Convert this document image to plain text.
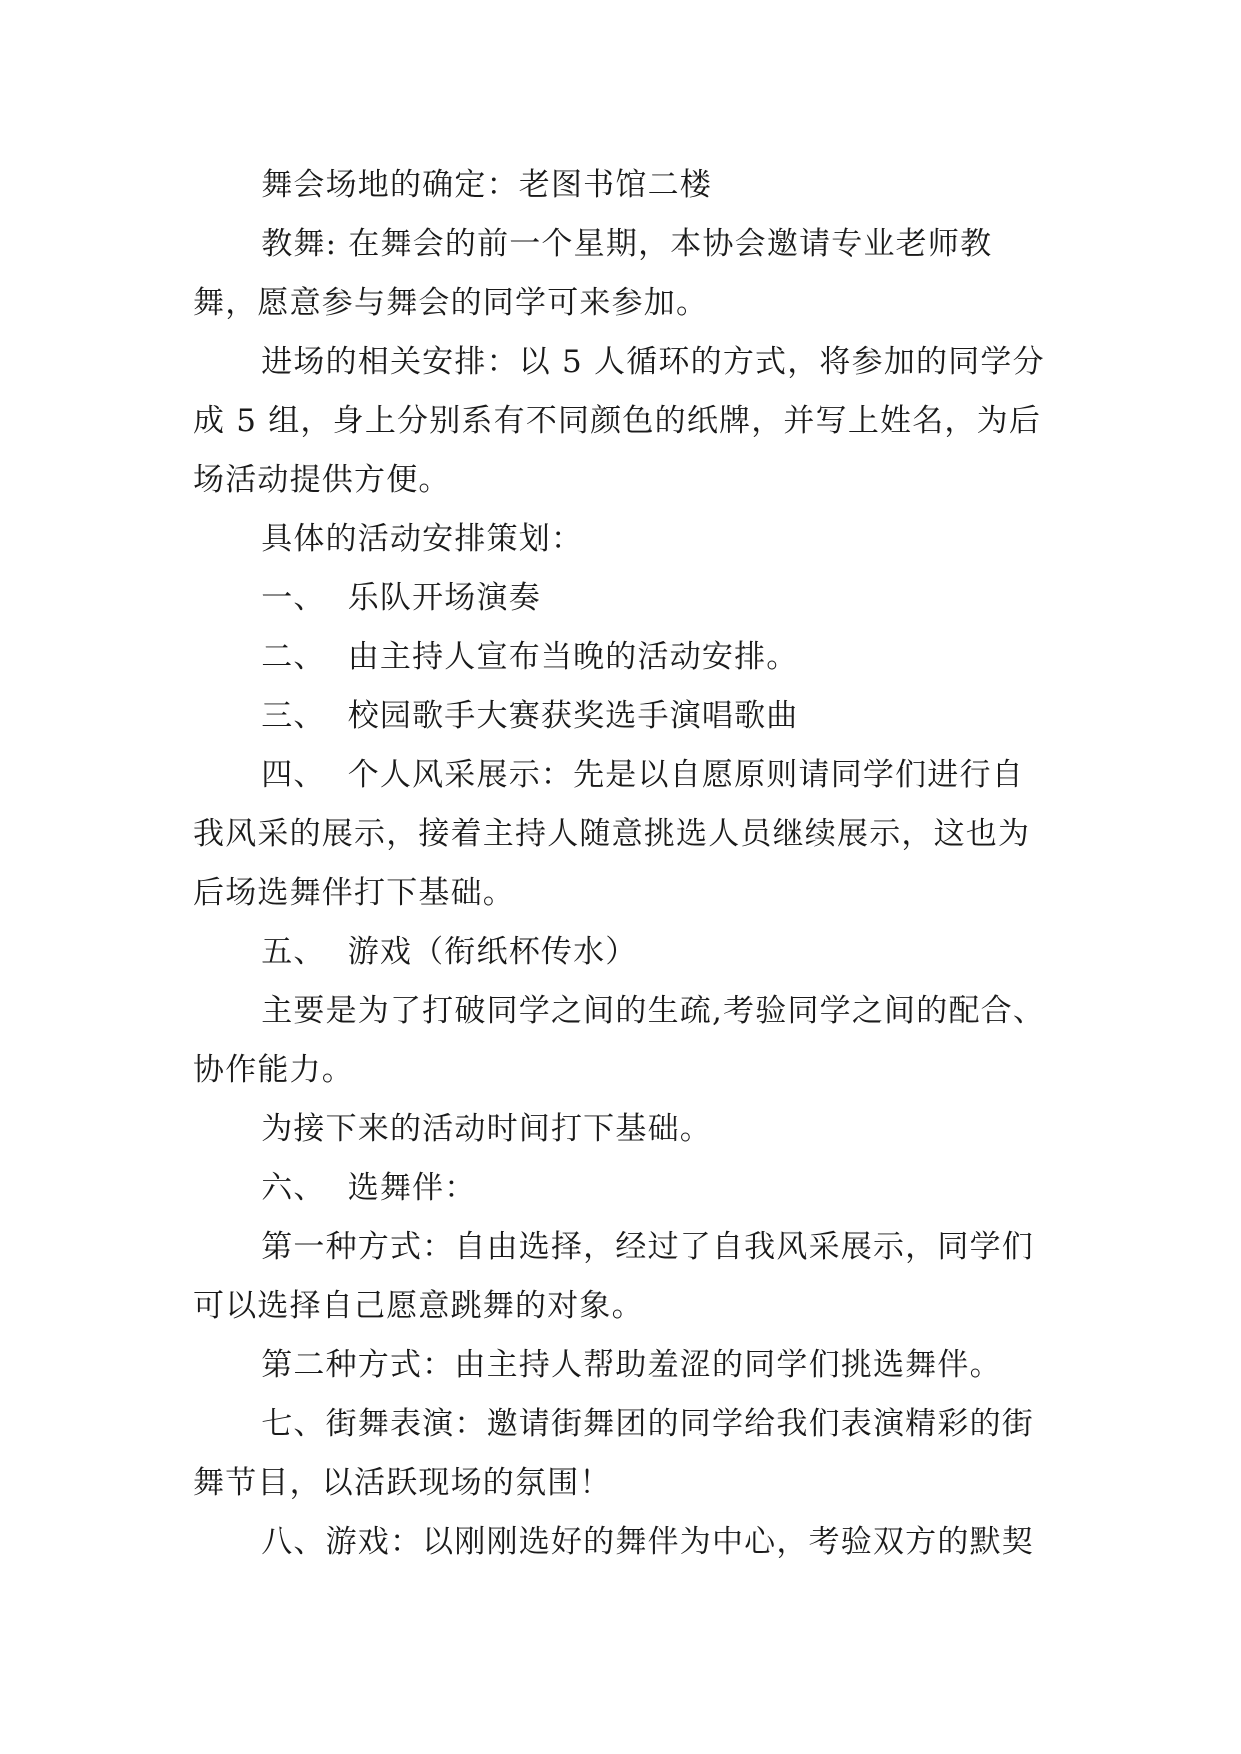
舞会场地的确定：老图书馆二楼

教舞: 在舞会的前一个星期，本协会邀请专业老师教舞，愿意参与舞会的同学可来参加。

进场的相关安排：以 5 人循环的方式，将参加的同学分成 5 组，身上分别系有不同颜色的纸牌，并写上姓名，为后场活动提供方便。

具体的活动安排策划：

一、  乐队开场演奏

二、  由主持人宣布当晚的活动安排。

三、  校园歌手大赛获奖选手演唱歌曲

四、  个人风采展示：先是以自愿原则请同学们进行自我风采的展示，接着主持人随意挑选人员继续展示，这也为后场选舞伴打下基础。

五、  游戏（衔纸杯传水）

主要是为了打破同学之间的生疏,考验同学之间的配合、协作能力。

为接下来的活动时间打下基础。

六、  选舞伴：

第一种方式：自由选择，经过了自我风采展示，同学们可以选择自己愿意跳舞的对象。

第二种方式：由主持人帮助羞涩的同学们挑选舞伴。

七、街舞表演：邀请街舞团的同学给我们表演精彩的街舞节目，以活跃现场的氛围！

八、游戏：以刚刚选好的舞伴为中心，考验双方的默契
